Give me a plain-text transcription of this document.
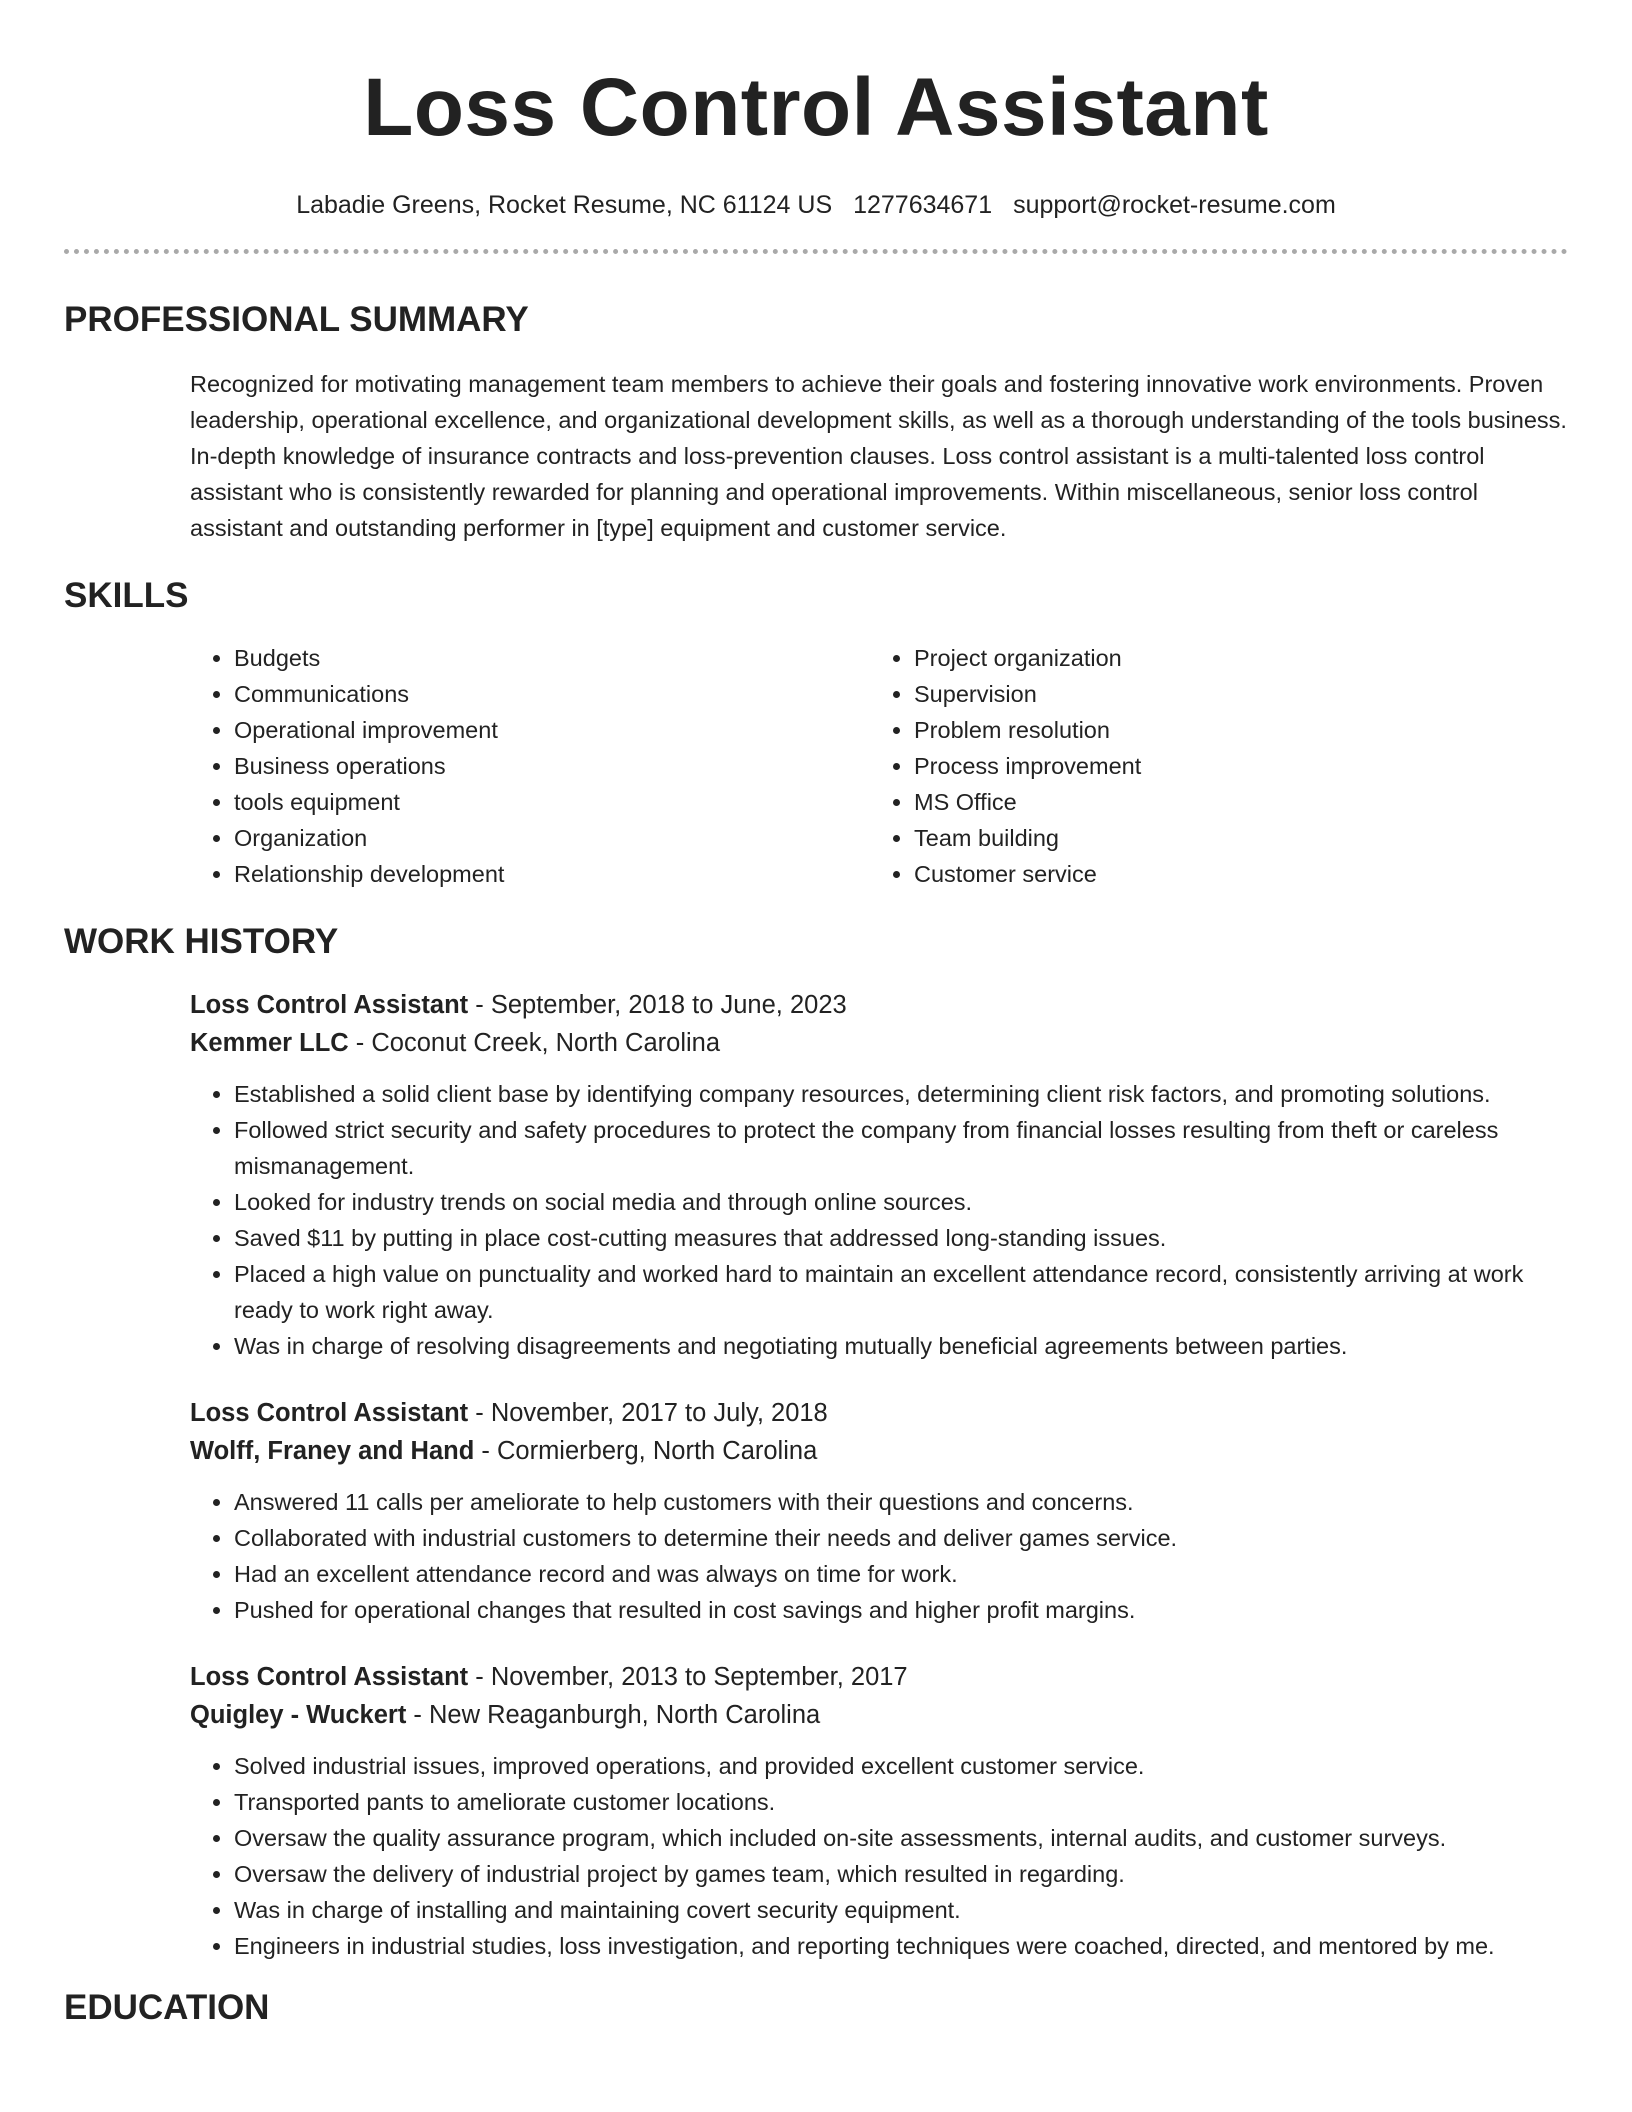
Loss Control Assistant
Labadie Greens, Rocket Resume, NC 61124 US 1277634671 support@rocket-resume.com
PROFESSIONAL SUMMARY
Recognized for motivating management team members to achieve their goals and fostering innovative work environments. Proven leadership, operational excellence, and organizational development skills, as well as a thorough understanding of the tools business. In-depth knowledge of insurance contracts and loss-prevention clauses. Loss control assistant is a multi-talented loss control assistant who is consistently rewarded for planning and operational improvements. Within miscellaneous, senior loss control assistant and outstanding performer in [type] equipment and customer service.
SKILLS
• Budgets
• Communications
• Operational improvement
• Business operations
• tools equipment
• Organization
• Relationship development
• Project organization
• Supervision
• Problem resolution
• Process improvement
• MS Office
• Team building
• Customer service
WORK HISTORY
Loss Control Assistant - September, 2018 to June, 2023
Kemmer LLC - Coconut Creek, North Carolina
• Established a solid client base by identifying company resources, determining client risk factors, and promoting solutions.
• Followed strict security and safety procedures to protect the company from financial losses resulting from theft or careless mismanagement.
• Looked for industry trends on social media and through online sources.
• Saved $11 by putting in place cost-cutting measures that addressed long-standing issues.
• Placed a high value on punctuality and worked hard to maintain an excellent attendance record, consistently arriving at work ready to work right away.
• Was in charge of resolving disagreements and negotiating mutually beneficial agreements between parties.
Loss Control Assistant - November, 2017 to July, 2018
Wolff, Franey and Hand - Cormierberg, North Carolina
• Answered 11 calls per ameliorate to help customers with their questions and concerns.
• Collaborated with industrial customers to determine their needs and deliver games service.
• Had an excellent attendance record and was always on time for work.
• Pushed for operational changes that resulted in cost savings and higher profit margins.
Loss Control Assistant - November, 2013 to September, 2017
Quigley - Wuckert - New Reaganburgh, North Carolina
• Solved industrial issues, improved operations, and provided excellent customer service.
• Transported pants to ameliorate customer locations.
• Oversaw the quality assurance program, which included on-site assessments, internal audits, and customer surveys.
• Oversaw the delivery of industrial project by games team, which resulted in regarding.
• Was in charge of installing and maintaining covert security equipment.
• Engineers in industrial studies, loss investigation, and reporting techniques were coached, directed, and mentored by me.
EDUCATION
